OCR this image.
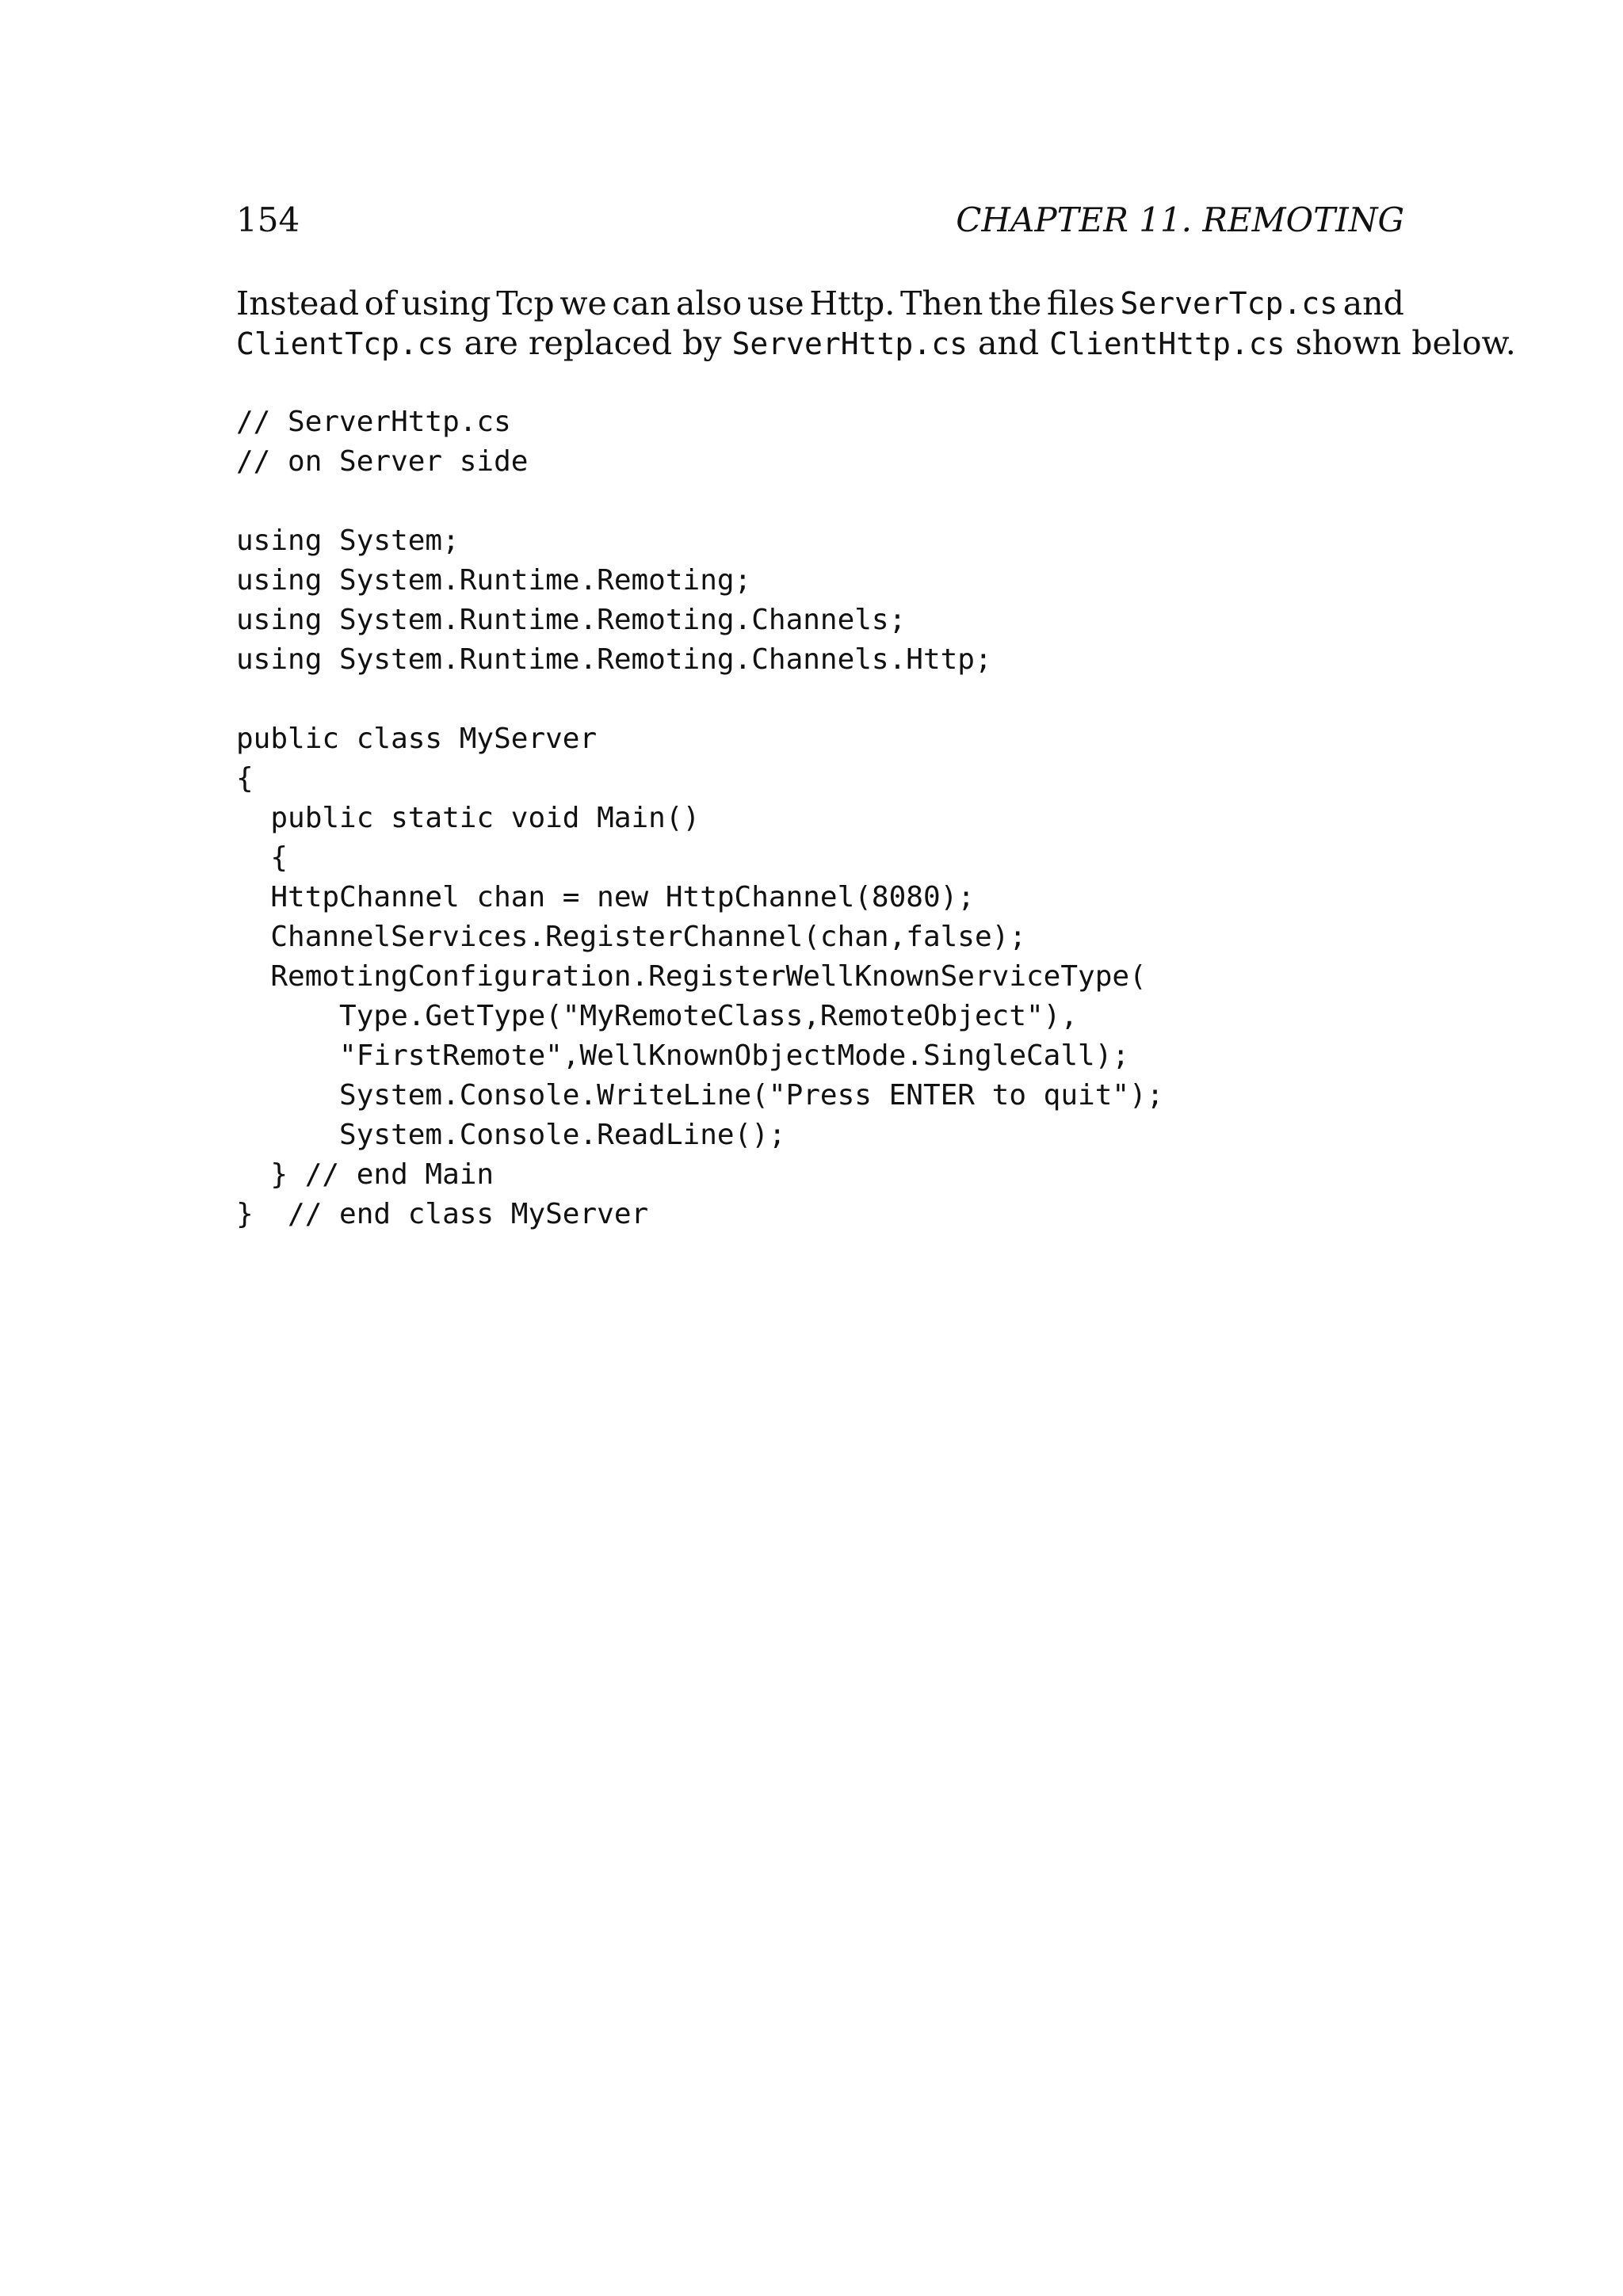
154	CHAPTER 11. REMOTING
Instead of using Tcp we can also use Http. Then the files ServerTcp.cs and
ClientTcp.cs are replaced by ServerHttp.cs and ClientHttp.cs shown below.
// ServerHttp.cs
// on Server side
using System;
using System.Runtime.Remoting;
using System.Runtime.Remoting.Channels;
using System.Runtime.Remoting.Channels.Http;
public class MyServer
{
public static void Main()
{
HttpChannel chan = new HttpChannel(8080);
ChannelServices.RegisterChannel(chan,false);
RemotingConfiguration.RegisterWellKnownServiceType(
Type.GetType("MyRemoteClass,RemoteObject"),
"FirstRemote",WellKnownObjectMode.SingleCall);
System.Console.WriteLine("Press ENTER to quit");
System.Console.ReadLine();
} // end Main
}  // end class MyServer
